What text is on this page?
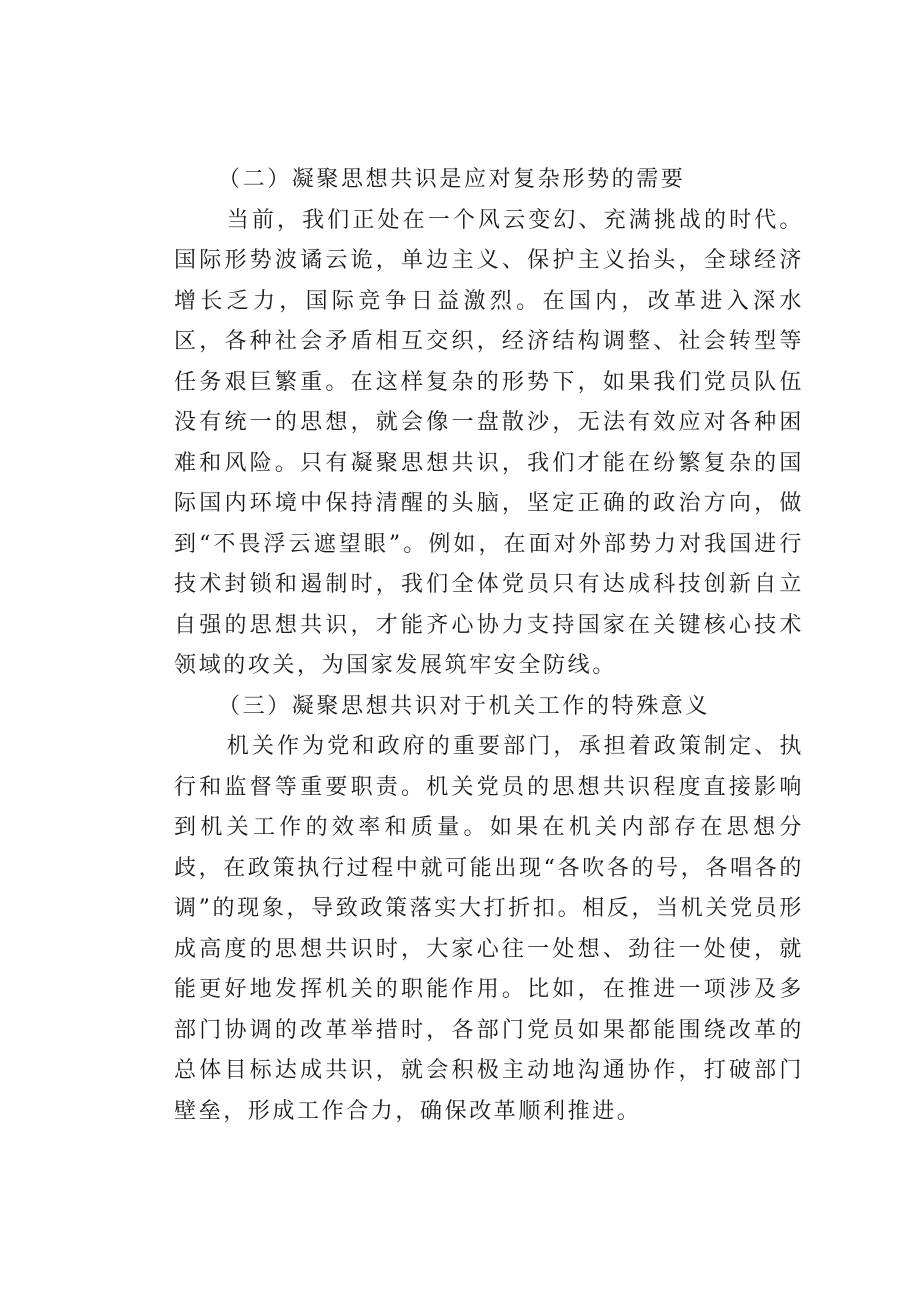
（二）凝聚思想共识是应对复杂形势的需要

当前，我们正处在一个风云变幻、充满挑战的时代。国际形势波谲云诡，单边主义、保护主义抬头，全球经济增长乏力，国际竞争日益激烈。在国内，改革进入深水区，各种社会矛盾相互交织，经济结构调整、社会转型等任务艰巨繁重。在这样复杂的形势下，如果我们党员队伍没有统一的思想，就会像一盘散沙，无法有效应对各种困难和风险。只有凝聚思想共识，我们才能在纷繁复杂的国际国内环境中保持清醒的头脑，坚定正确的政治方向，做到“不畏浮云遮望眼”。例如，在面对外部势力对我国进行技术封锁和遏制时，我们全体党员只有达成科技创新自立自强的思想共识，才能齐心协力支持国家在关键核心技术领域的攻关，为国家发展筑牢安全防线。

（三）凝聚思想共识对于机关工作的特殊意义

机关作为党和政府的重要部门，承担着政策制定、执行和监督等重要职责。机关党员的思想共识程度直接影响到机关工作的效率和质量。如果在机关内部存在思想分歧，在政策执行过程中就可能出现“各吹各的号，各唱各的调”的现象，导致政策落实大打折扣。相反，当机关党员形成高度的思想共识时，大家心往一处想、劲往一处使，就能更好地发挥机关的职能作用。比如，在推进一项涉及多部门协调的改革举措时，各部门党员如果都能围绕改革的总体目标达成共识，就会积极主动地沟通协作，打破部门壁垒，形成工作合力，确保改革顺利推进。
